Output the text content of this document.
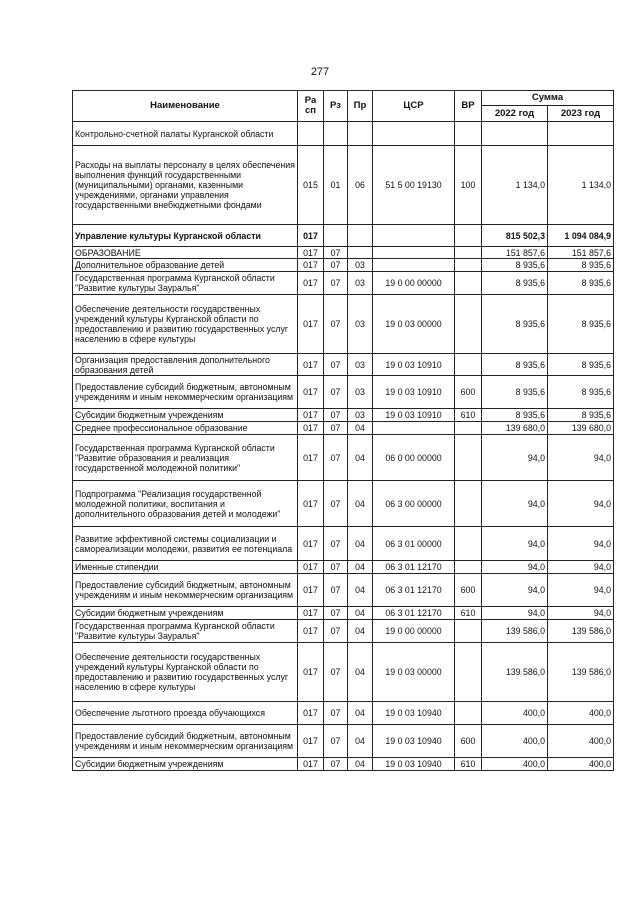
277
Наименование	Ра сп	Рз	Пр	ЦСР	ВР	Сумма	
						2022 год	2023 год
Контрольно-счетной палаты Курганской области							
Расходы на выплаты персоналу в целях обеспечения выполнения функций государственными (муниципальными) органами, казенными учреждениями, органами управления государственными внебюджетными фондами	015	01	06	51 5 00 19130	100	1 134,0	1 134,0
Управление культуры Курганской области	017					815 502,3	1 094 084,9
ОБРАЗОВАНИЕ	017	07				151 857,6	151 857,6
Дополнительное образование детей	017	07	03			8 935,6	8 935,6
Государственная программа Курганской области "Развитие культуры Зауралья"	017	07	03	19 0 00 00000		8 935,6	8 935,6
Обеспечение деятельности государственных учреждений культуры Курганской области по предоставлению и развитию государственных услуг населению в сфере культуры	017	07	03	19 0 03 00000		8 935,6	8 935,6
Организация предоставления дополнительного образования детей	017	07	03	19 0 03 10910		8 935,6	8 935,6
Предоставление субсидий бюджетным, автономным учреждениям и иным некоммерческим организациям	017	07	03	19 0 03 10910	600	8 935,6	8 935,6
Субсидии бюджетным учреждениям	017	07	03	19 0 03 10910	610	8 935,6	8 935,6
Среднее профессиональное образование	017	07	04			139 680,0	139 680,0
Государственная программа Курганской области "Развитие образования и реализация государственной молодежной политики"	017	07	04	06 0 00 00000		94,0	94,0
Подпрограмма "Реализация государственной молодежной политики, воспитания и дополнительного образования детей и молодежи"	017	07	04	06 3 00 00000		94,0	94,0
Развитие эффективной системы социализации и самореализации молодежи, развития ее потенциала	017	07	04	06 3 01 00000		94,0	94,0
Именные стипендии	017	07	04	06 3 01 12170		94,0	94,0
Предоставление субсидий бюджетным, автономным учреждениям и иным некоммерческим организациям	017	07	04	06 3 01 12170	600	94,0	94,0
Субсидии бюджетным учреждениям	017	07	04	06 3 01 12170	610	94,0	94,0
Государственная программа Курганской области "Развитие культуры Зауралья"	017	07	04	19 0 00 00000		139 586,0	139 586,0
Обеспечение деятельности государственных учреждений культуры Курганской области по предоставлению и развитию государственных услуг населению в сфере культуры	017	07	04	19 0 03 00000		139 586,0	139 586,0
Обеспечение льготного проезда обучающихся	017	07	04	19 0 03 10940		400,0	400,0
Предоставление субсидий бюджетным, автономным учреждениям и иным некоммерческим организациям	017	07	04	19 0 03 10940	600	400,0	400,0
Субсидии бюджетным учреждениям	017	07	04	19 0 03 10940	610	400,0	400,0
